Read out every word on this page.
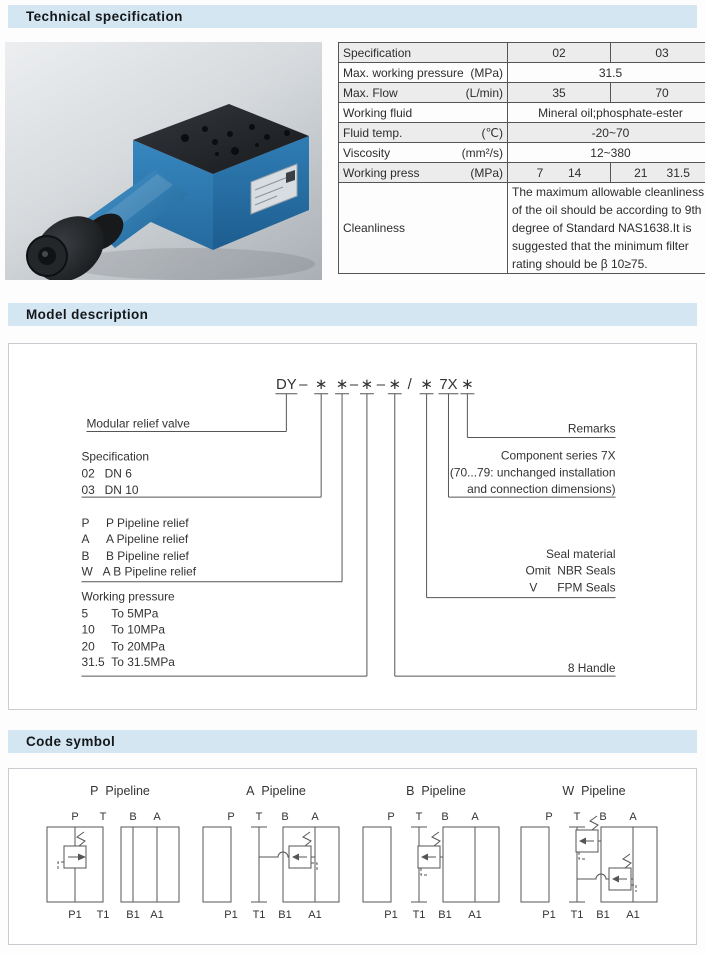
Technical specification
Specification	02	03

Max. working pressure (MPa)	31.5	

Max. Flow (L/min)	35	70

Working fluid	Mineral oil;phosphate-ester	

Fluid temp. (℃)	-20~70	

Viscosity (mm²/s)	12~380	

Working press (MPa)	7 14	21 31.5

Cleanliness	The maximum allowable cleanliness of the oil should be according to 9th degree of Standard NAS1638.It is suggested that the minimum filter rating should be β 10≥75.	
Model description
DY – ∗ ∗ – ∗ – ∗ / ∗ 7X ∗
Modular relief valve
Specification
02   DN 6
03   DN 10
P     P Pipeline relief
A     A Pipeline relief
B     B Pipeline relief
W   A B Pipeline relief
Working pressure
5       To 5MPa
10     To 10MPa
20     To 20MPa
31.5  To 31.5MPa
Remarks
Component series 7X
(70...79: unchanged installation
and connection dimensions)
Seal material
Omit  NBR Seals
V      FPM Seals
8 Handle
Code symbol
P  Pipeline
P T B A
P1 T1 B1 A1
A  Pipeline
P T B A
P1 T1 B1 A1
B  Pipeline
P T B A
P1 T1 B1 A1
W  Pipeline
P T B A
P1 T1 B1 A1
